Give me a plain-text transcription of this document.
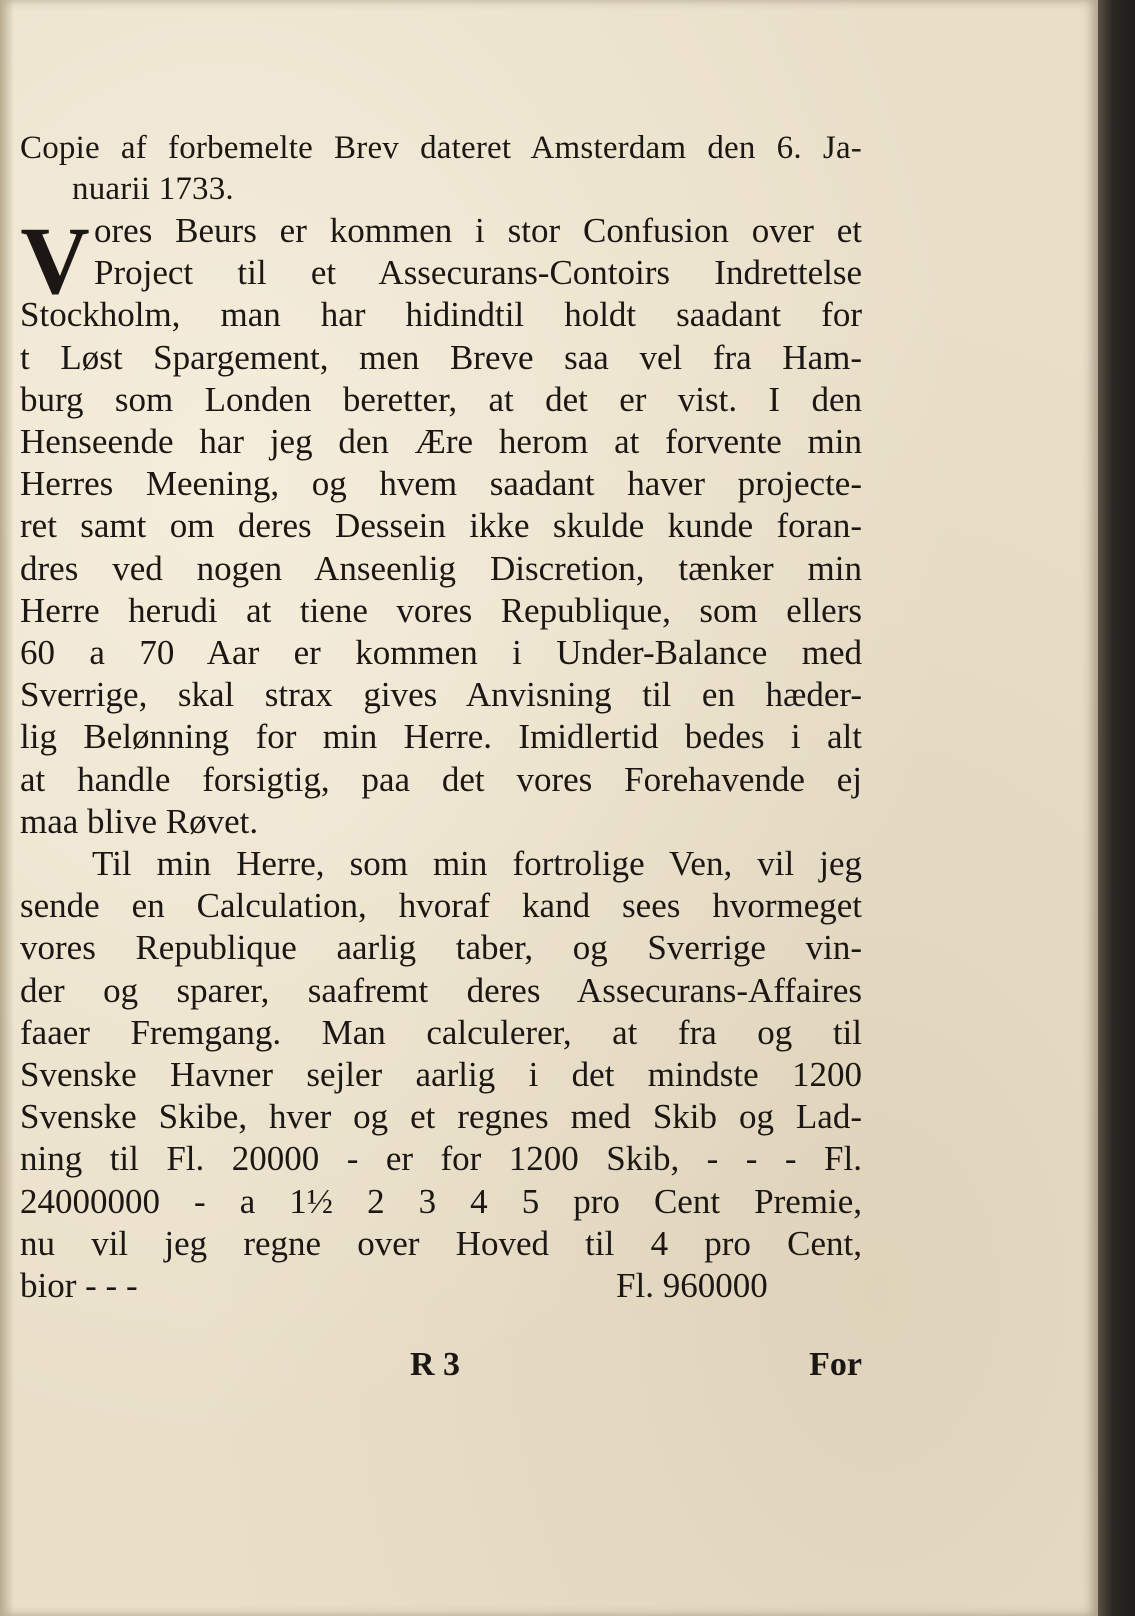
Copie af forbemelte Brev dateret Amsterdam den 6. Ja-
nuarii 1733.

V ores Beurs er kommen i stor Confusion over et
Project til et Assecurans-Contoirs Indrettelse
Stockholm, man har hidindtil holdt saadant for
t Løst Spargement, men Breve saa vel fra Ham-
burg som Londen beretter, at det er vist. I den
Henseende har jeg den Ære herom at forvente min
Herres Meening, og hvem saadant haver projecte-
ret samt om deres Dessein ikke skulde kunde foran-
dres ved nogen Anseenlig Discretion, tænker min
Herre herudi at tiene vores Republique, som ellers
60 a 70 Aar er kommen i Under-Balance med
Sverrige, skal strax gives Anvisning til en hæder-
lig Belønning for min Herre. Imidlertid bedes i alt
at handle forsigtig, paa det vores Forehavende ej
maa blive Røvet.

Til min Herre, som min fortrolige Ven, vil jeg
sende en Calculation, hvoraf kand sees hvormeget
vores Republique aarlig taber, og Sverrige vin-
der og sparer, saafremt deres Assecurans-Affaires
faaer Fremgang. Man calculerer, at fra og til
Svenske Havner sejler aarlig i det mindste 1200
Svenske Skibe, hver og et regnes med Skib og Lad-
ning til Fl. 20000 - er for 1200 Skib, - - - Fl.
24000000 - a 1½ 2 3 4 5 pro Cent Premie,
nu vil jeg regne over Hoved til 4 pro Cent,

bior - - -	Fl. 960000
R 3	For
